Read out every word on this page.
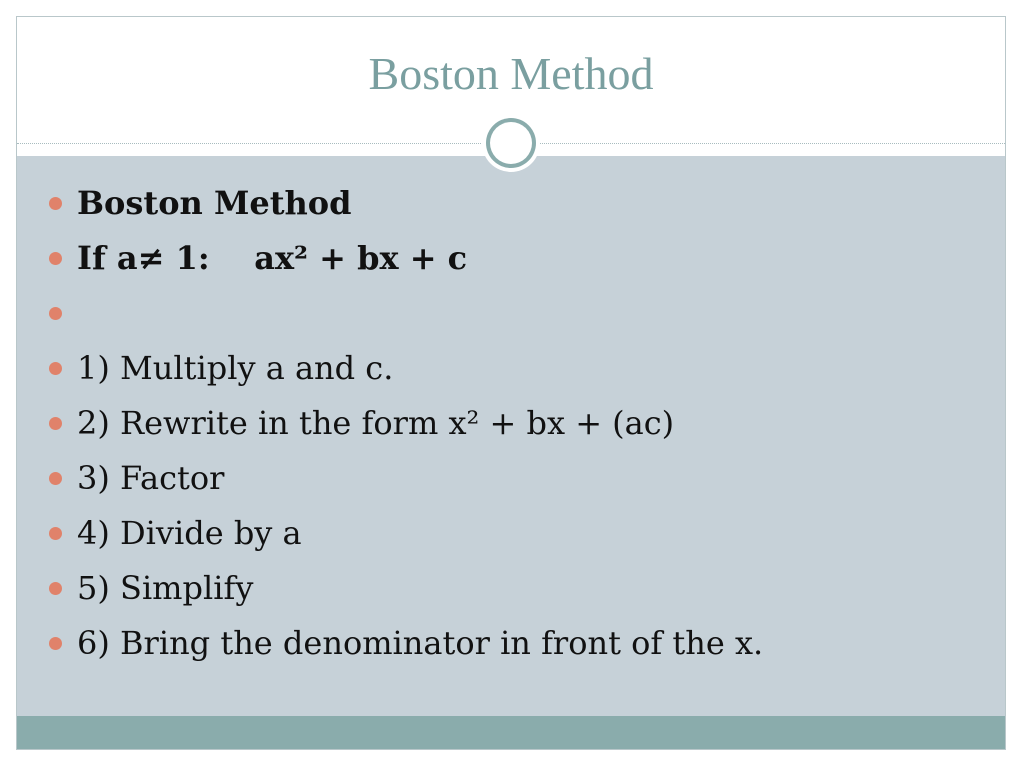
Boston Method
Boston Method
If a≠ 1:    ax² + bx + c
1) Multiply a and c.
2) Rewrite in the form x² + bx + (ac)
3) Factor
4) Divide by a
5) Simplify
6) Bring the denominator in front of the x.
